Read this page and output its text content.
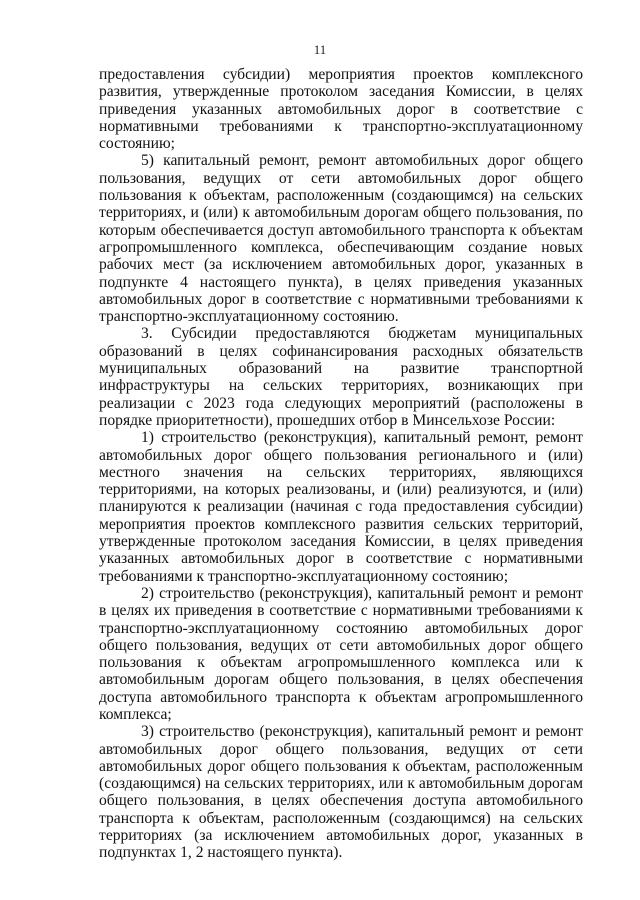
11

предоставления субсидии) мероприятия проектов комплексного развития, утвержденные протоколом заседания Комиссии, в целях приведения указанных автомобильных дорог в соответствие с нормативными требованиями к транспортно-эксплуатационному состоянию;

5) капитальный ремонт, ремонт автомобильных дорог общего пользования, ведущих от сети автомобильных дорог общего пользования к объектам, расположенным (создающимся) на сельских территориях, и (или) к автомобильным дорогам общего пользования, по которым обеспечивается доступ автомобильного транспорта к объектам агропромышленного комплекса, обеспечивающим создание новых рабочих мест (за исключением автомобильных дорог, указанных в подпункте 4 настоящего пункта), в целях приведения указанных автомобильных дорог в соответствие с нормативными требованиями к транспортно-эксплуатационному состоянию.

3. Субсидии предоставляются бюджетам муниципальных образований в целях софинансирования расходных обязательств муниципальных образований на развитие транспортной инфраструктуры на сельских территориях, возникающих при реализации с 2023 года следующих мероприятий (расположены в порядке приоритетности), прошедших отбор в Минсельхозе России:

1) строительство (реконструкция), капитальный ремонт, ремонт автомобильных дорог общего пользования регионального и (или) местного значения на сельских территориях, являющихся территориями, на которых реализованы, и (или) реализуются, и (или) планируются к реализации (начиная с года предоставления субсидии) мероприятия проектов комплексного развития сельских территорий, утвержденные протоколом заседания Комиссии, в целях приведения указанных автомобильных дорог в соответствие с нормативными требованиями к транспортно-эксплуатационному состоянию;

2) строительство (реконструкция), капитальный ремонт и ремонт в целях их приведения в соответствие с нормативными требованиями к транспортно-эксплуатационному состоянию автомобильных дорог общего пользования, ведущих от сети автомобильных дорог общего пользования к объектам агропромышленного комплекса или к автомобильным дорогам общего пользования, в целях обеспечения доступа автомобильного транспорта к объектам агропромышленного комплекса;

3) строительство (реконструкция), капитальный ремонт и ремонт автомобильных дорог общего пользования, ведущих от сети автомобильных дорог общего пользования к объектам, расположенным (создающимся) на сельских территориях, или к автомобильным дорогам общего пользования, в целях обеспечения доступа автомобильного транспорта к объектам, расположенным (создающимся) на сельских территориях (за исключением автомобильных дорог, указанных в подпунктах 1, 2 настоящего пункта).
